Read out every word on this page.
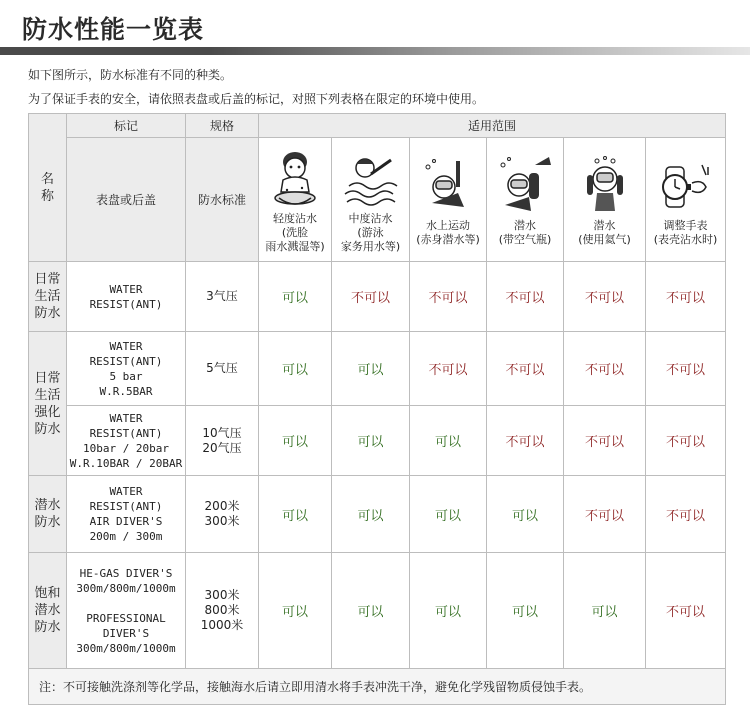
防水性能一览表
如下图所示，防水标准有不同的种类。
为了保证手表的安全，请依照表盘或后盖的标记，对照下列表格在限定的环境中使用。
名
称	标记	规格	适用范围					
	表盘或后盖	防水标准	轻度沾水
(洗脸
雨水溅湿等)	中度沾水
(游泳
家务用水等)	水上运动
(赤身潜水等)	潜水
(带空气瓶)	潜水
(使用氦气)	调整手表
(表壳沾水时)

日常
生活
防水	WATER
RESIST(ANT)	3气压	可以	不可以	不可以	不可以	不可以	不可以

日常
生活
强化
防水	WATER
RESIST(ANT)
5 bar
W.R.5BAR	5气压	可以	可以	不可以	不可以	不可以	不可以
	WATER
RESIST(ANT)
10bar / 20bar
W.R.10BAR / 20BAR	10气压
20气压	可以	可以	可以	不可以	不可以	不可以

潜水
防水	WATER
RESIST(ANT)
AIR DIVER'S
200m / 300m	200米
300米	可以	可以	可以	可以	不可以	不可以

饱和
潜水
防水	HE-GAS DIVER'S
300m/800m/1000m

PROFESSIONAL
DIVER'S
300m/800m/1000m	300米
800米
1000米	可以	可以	可以	可以	可以	不可以
注：不可接触洗涤剂等化学品，接触海水后请立即用清水将手表冲洗干净，避免化学残留物质侵蚀手表。								
